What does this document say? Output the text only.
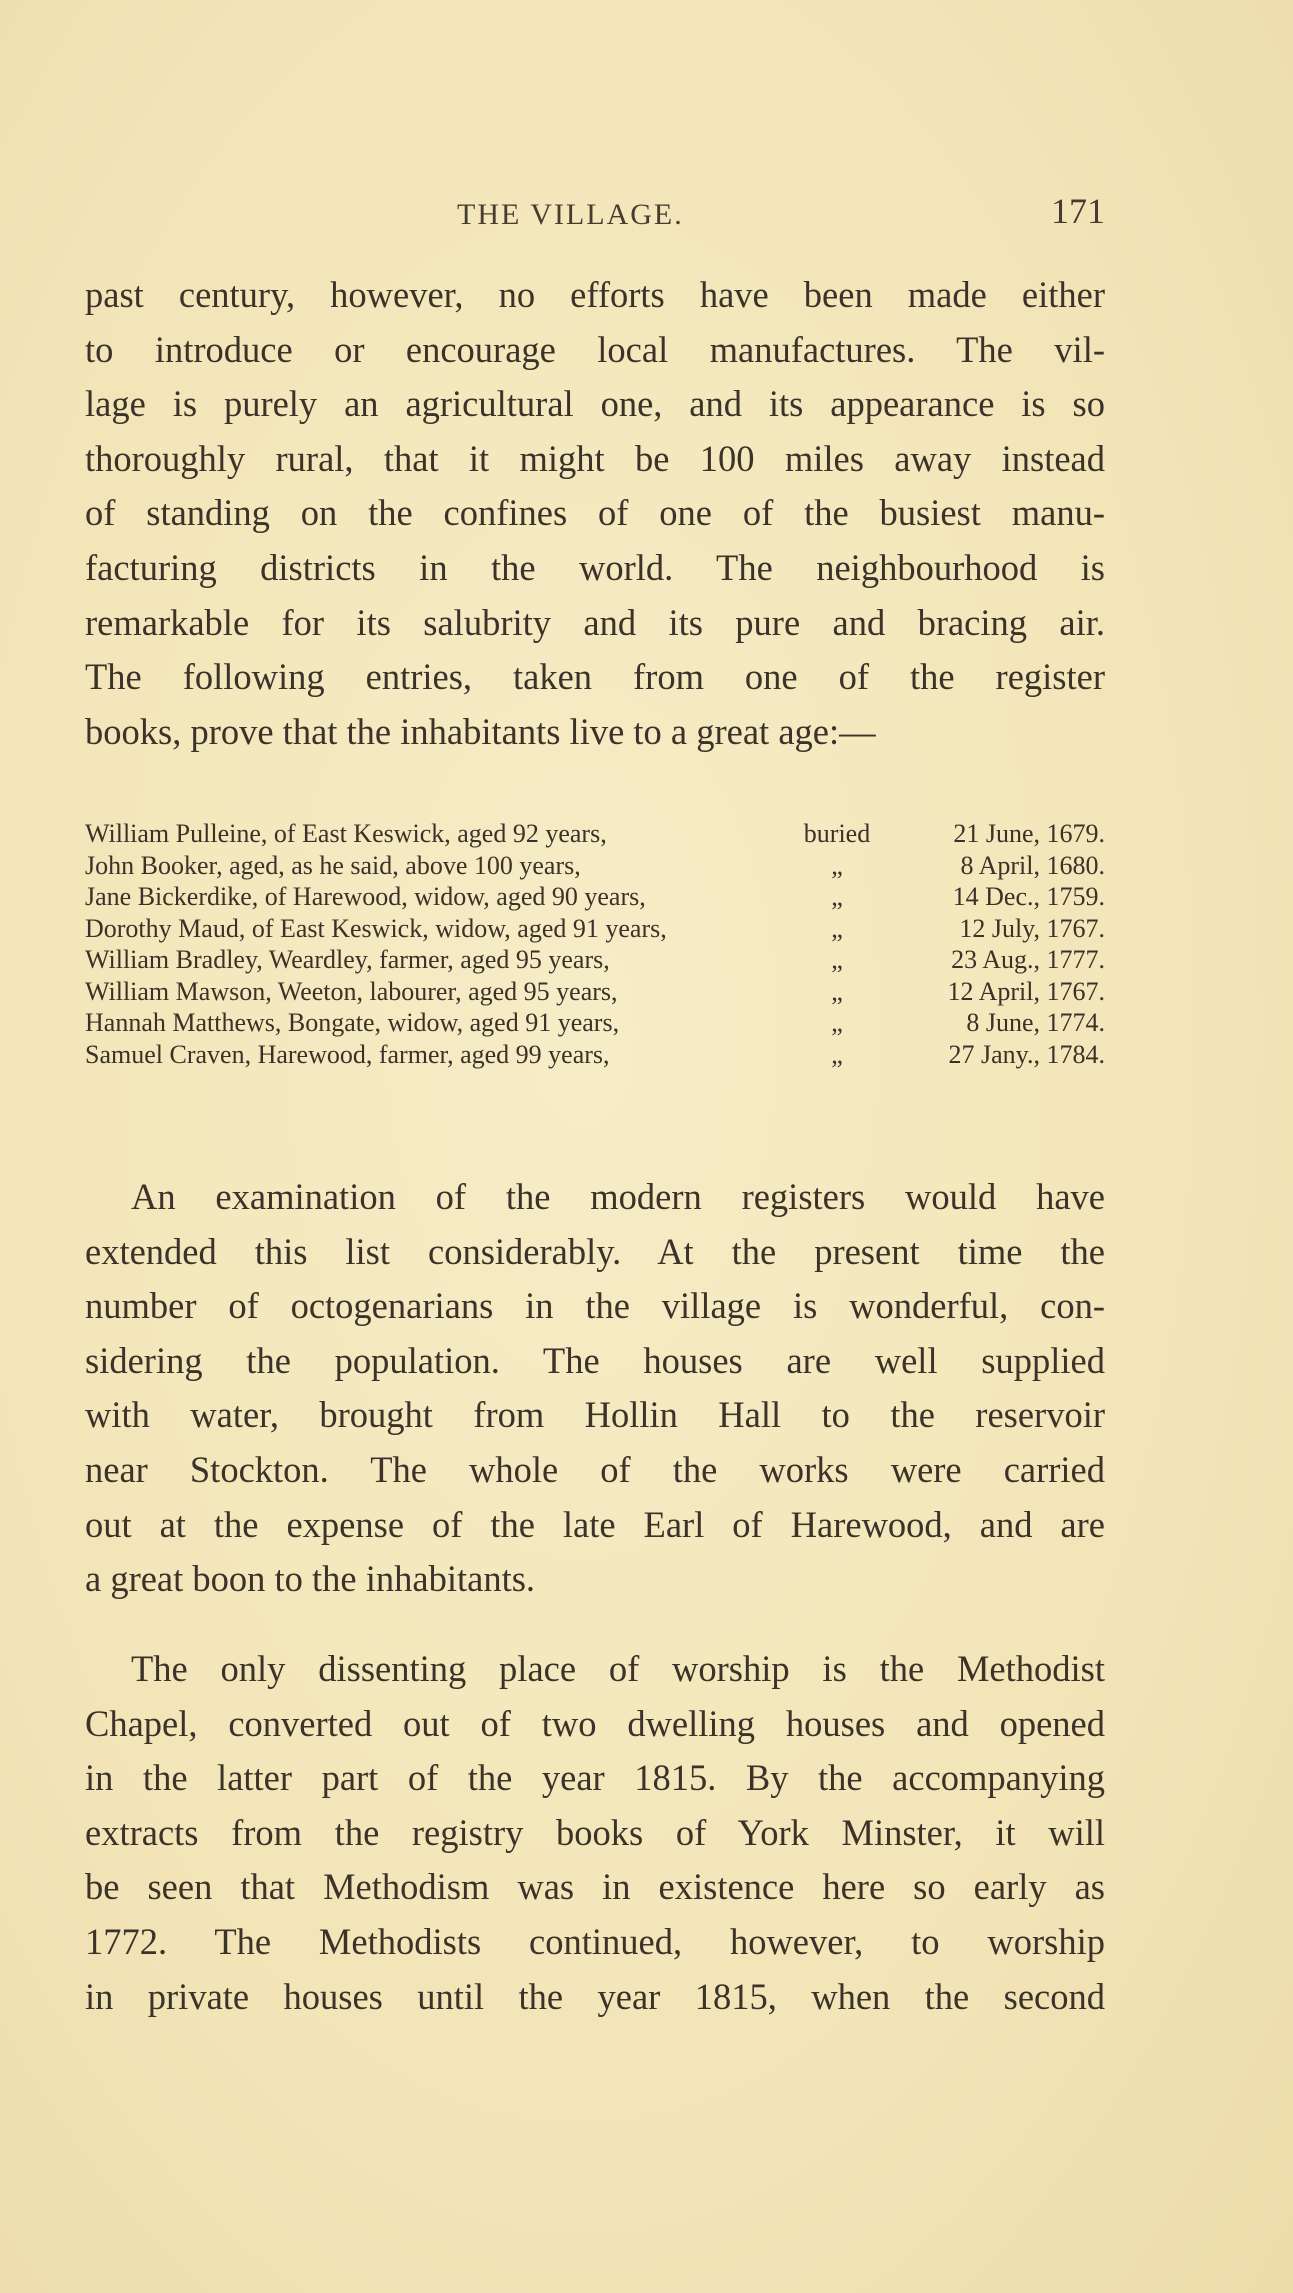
THE VILLAGE.	171
past century, however, no efforts have been made either
to introduce or encourage local manufactures. The vil-
lage is purely an agricultural one, and its appearance is so
thoroughly rural, that it might be 100 miles away instead
of standing on the confines of one of the busiest manu-
facturing districts in the world. The neighbourhood is
remarkable for its salubrity and its pure and bracing air.
The following entries, taken from one of the register
books, prove that the inhabitants live to a great age:—
William Pulleine, of East Keswick, aged 92 years,	buried	21 June, 1679.
John Booker, aged, as he said, above 100 years,	„	8 April, 1680.
Jane Bickerdike, of Harewood, widow, aged 90 years,	„	14 Dec., 1759.
Dorothy Maud, of East Keswick, widow, aged 91 years,	„	12 July, 1767.
William Bradley, Weardley, farmer, aged 95 years,	„	23 Aug., 1777.
William Mawson, Weeton, labourer, aged 95 years,	„	12 April, 1767.
Hannah Matthews, Bongate, widow, aged 91 years,	„	8 June, 1774.
Samuel Craven, Harewood, farmer, aged 99 years,	„	27 Jany., 1784.
An examination of the modern registers would have
extended this list considerably. At the present time the
number of octogenarians in the village is wonderful, con-
sidering the population. The houses are well supplied
with water, brought from Hollin Hall to the reservoir
near Stockton. The whole of the works were carried
out at the expense of the late Earl of Harewood, and are
a great boon to the inhabitants.
The only dissenting place of worship is the Methodist
Chapel, converted out of two dwelling houses and opened
in the latter part of the year 1815. By the accompanying
extracts from the registry books of York Minster, it will
be seen that Methodism was in existence here so early as
1772. The Methodists continued, however, to worship
in private houses until the year 1815, when the second
